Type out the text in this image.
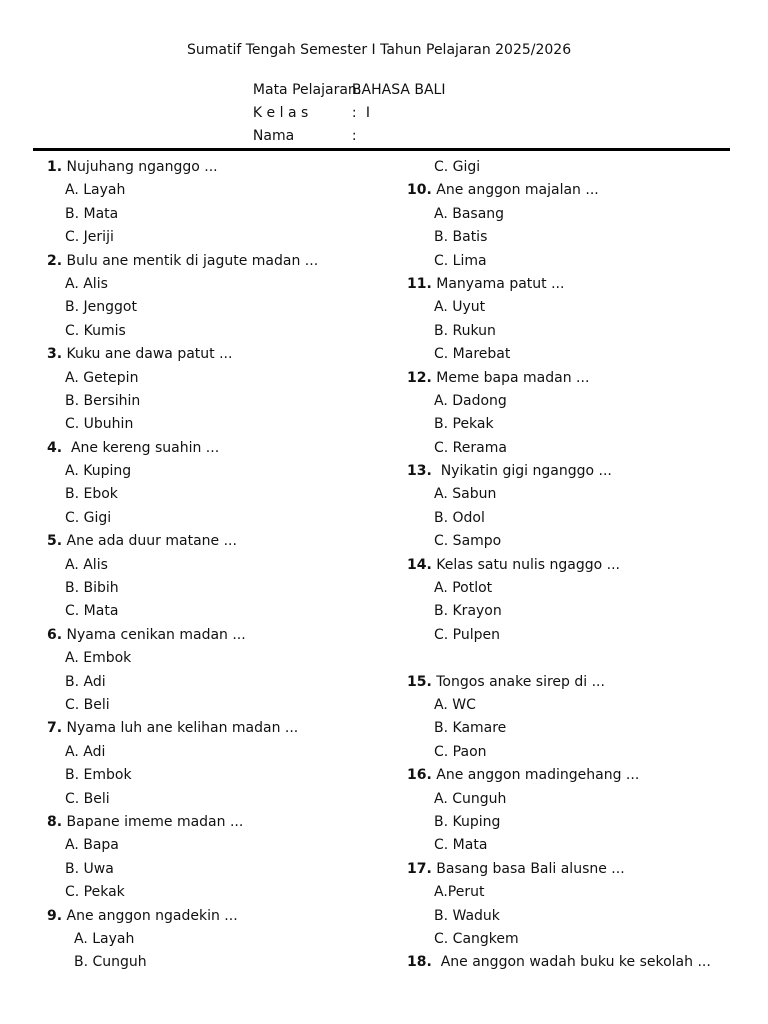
Sumatif Tengah Semester I Tahun Pelajaran 2025/2026

Mata Pelajaran:BAHASA BALI

K e l a s	: I

Nama	:

1. Nujuhang nganggo ...
A. Layah
B. Mata
C. Jeriji
2. Bulu ane mentik di jagute madan ...
A. Alis
B. Jenggot
C. Kumis
3. Kuku ane dawa patut ...
A. Getepin
B. Bersihin
C. Ubuhin
4.  Ane kereng suahin ...
A. Kuping
B. Ebok
C. Gigi
5. Ane ada duur matane ...
A. Alis
B. Bibih
C. Mata
6. Nyama cenikan madan ...
A. Embok
B. Adi
C. Beli
7. Nyama luh ane kelihan madan ...
A. Adi
B. Embok
C. Beli
8. Bapane imeme madan ...
A. Bapa
B. Uwa
C. Pekak
9. Ane anggon ngadekin ...
A. Layah
B. Cunguh
C. Gigi
10. Ane anggon majalan ...
A. Basang
B. Batis
C. Lima
11. Manyama patut ...
A. Uyut
B. Rukun
C. Marebat
12. Meme bapa madan ...
A. Dadong
B. Pekak
C. Rerama
13.  Nyikatin gigi nganggo ...
A. Sabun
B. Odol
C. Sampo
14. Kelas satu nulis ngaggo ...
A. Potlot
B. Krayon
C. Pulpen
15. Tongos anake sirep di ...
A. WC
B. Kamare
C. Paon
16. Ane anggon madingehang ...
A. Cunguh
B. Kuping
C. Mata
17. Basang basa Bali alusne ...
A.Perut
B. Waduk
C. Cangkem
18.  Ane anggon wadah buku ke sekolah ...
